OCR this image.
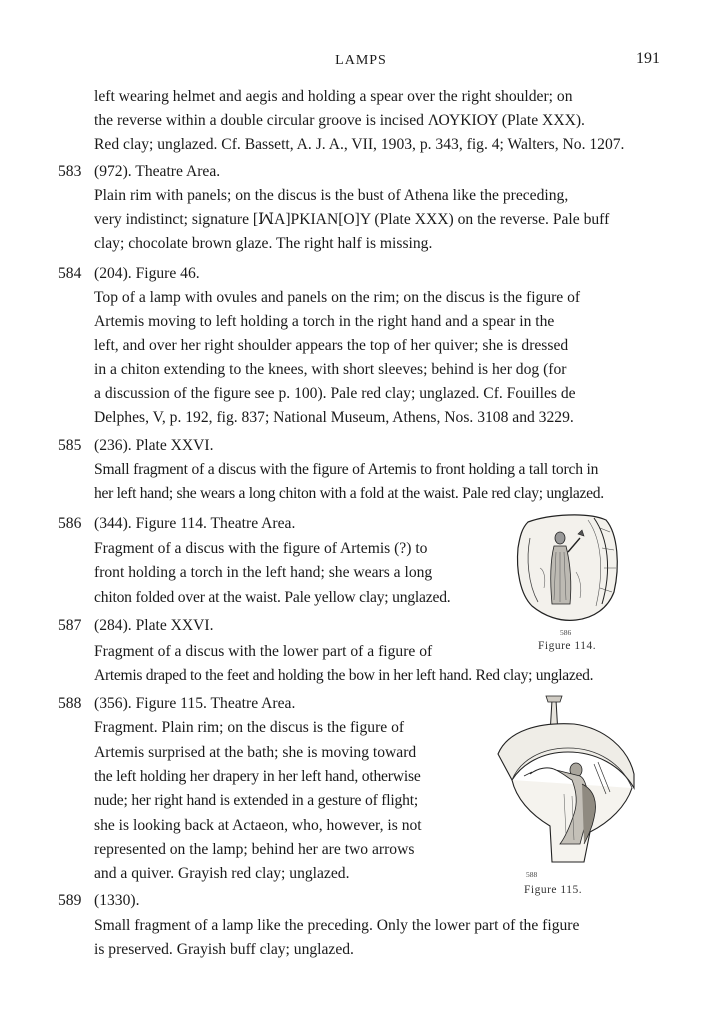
LAMPS	191

left wearing helmet and aegis and holding a spear over the right shoulder; on

the reverse within a double circular groove is incised ΛΟΥΚΙΟΥ (Plate XXX).

Red clay; unglazed. Cf. Bassett, A. J. A., VII, 1903, p. 343, fig. 4; Walters, No. 1207.

583 (972). Theatre Area.

Plain rim with panels; on the discus is the bust of Athena like the preceding,

very indistinct; signature [ꟽΑ]ΡΚΙΑΝ[Ο]Υ (Plate XXX) on the reverse. Pale buff

clay; chocolate brown glaze. The right half is missing.

584 (204). Figure 46.

Top of a lamp with ovules and panels on the rim; on the discus is the figure of

Artemis moving to left holding a torch in the right hand and a spear in the

left, and over her right shoulder appears the top of her quiver; she is dressed

in a chiton extending to the knees, with short sleeves; behind is her dog (for

a discussion of the figure see p. 100). Pale red clay; unglazed. Cf. Fouilles de

Delphes, V, p. 192, fig. 837; National Museum, Athens, Nos. 3108 and 3229.

585 (236). Plate XXVI.

Small fragment of a discus with the figure of Artemis to front holding a tall torch in

her left hand; she wears a long chiton with a fold at the waist. Pale red clay; unglazed.

586 (344). Figure 114. Theatre Area.

Fragment of a discus with the figure of Artemis (?) to

front holding a torch in the left hand; she wears a long

chiton folded over at the waist. Pale yellow clay; unglazed.

587 (284). Plate XXVI.

Fragment of a discus with the lower part of a figure of

Artemis draped to the feet and holding the bow in her left hand. Red clay; unglazed.

588 (356). Figure 115. Theatre Area.

Fragment. Plain rim; on the discus is the figure of

Artemis surprised at the bath; she is moving toward

the left holding her drapery in her left hand, otherwise

nude; her right hand is extended in a gesture of flight;

she is looking back at Actaeon, who, however, is not

represented on the lamp; behind her are two arrows

and a quiver. Grayish red clay; unglazed.

589 (1330).

Small fragment of a lamp like the preceding. Only the lower part of the figure

is preserved. Grayish buff clay; unglazed.

586
Figure 114.
588
Figure 115.
